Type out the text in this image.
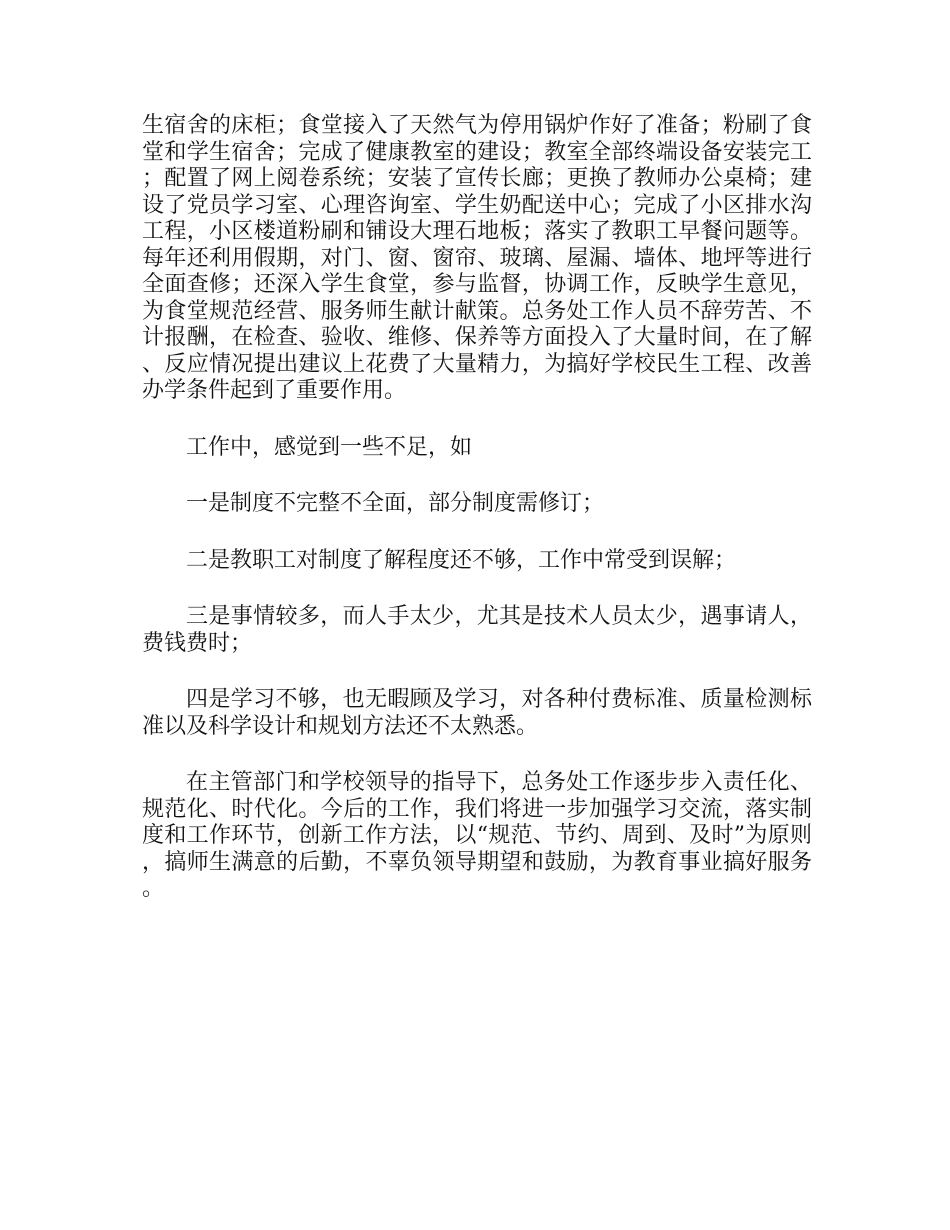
生宿舍的床柜；食堂接入了天然气为停用锅炉作好了准备；粉刷了食堂和学生宿舍；完成了健康教室的建设；教室全部终端设备安装完工；配置了网上阅卷系统；安装了宣传长廊；更换了教师办公桌椅；建设了党员学习室、心理咨询室、学生奶配送中心；完成了小区排水沟工程，小区楼道粉刷和铺设大理石地板；落实了教职工早餐问题等。每年还利用假期，对门、窗、窗帘、玻璃、屋漏、墙体、地坪等进行全面查修；还深入学生食堂，参与监督，协调工作，反映学生意见，为食堂规范经营、服务师生献计献策。总务处工作人员不辞劳苦、不计报酬，在检查、验收、维修、保养等方面投入了大量时间，在了解、反应情况提出建议上花费了大量精力，为搞好学校民生工程、改善办学条件起到了重要作用。

工作中，感觉到一些不足，如

一是制度不完整不全面，部分制度需修订；

二是教职工对制度了解程度还不够，工作中常受到误解；

三是事情较多，而人手太少，尤其是技术人员太少，遇事请人，费钱费时；

四是学习不够，也无暇顾及学习，对各种付费标准、质量检测标准以及科学设计和规划方法还不太熟悉。

在主管部门和学校领导的指导下，总务处工作逐步步入责任化、规范化、时代化。今后的工作，我们将进一步加强学习交流，落实制度和工作环节，创新工作方法，以“规范、节约、周到、及时”为原则，搞师生满意的后勤，不辜负领导期望和鼓励，为教育事业搞好服务。
